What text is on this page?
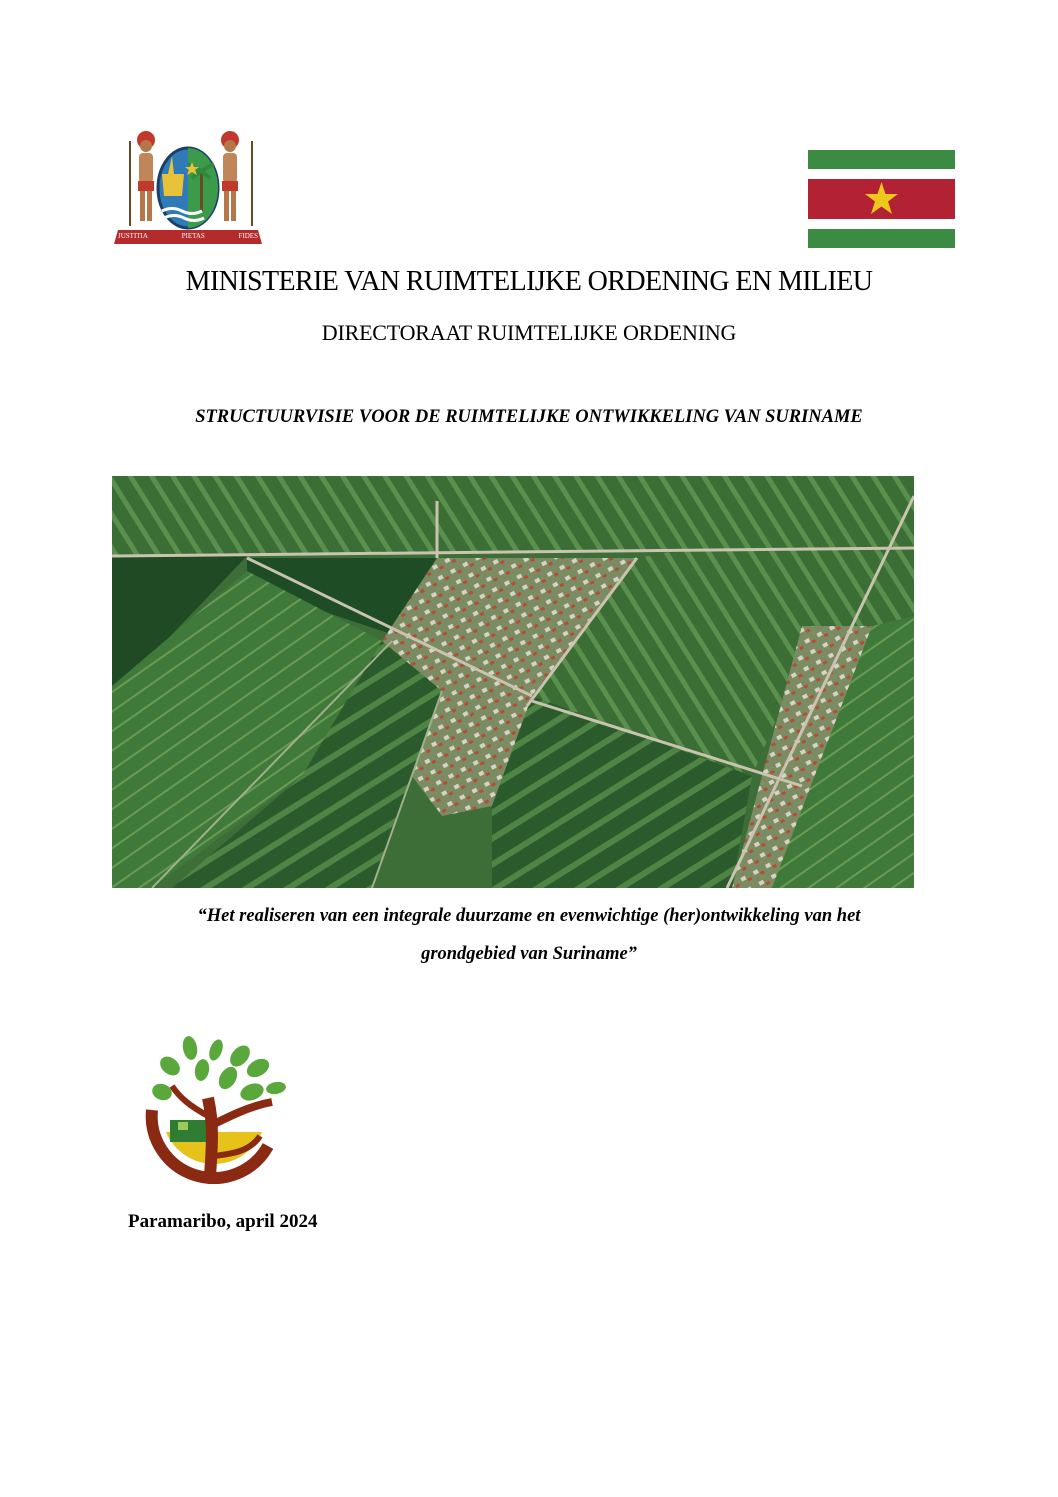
JUSTITIA	PIETAS	FIDES
MINISTERIE VAN RUIMTELIJKE ORDENING EN MILIEU
DIRECTORAAT RUIMTELIJKE ORDENING
STRUCTUURVISIE VOOR DE RUIMTELIJKE ONTWIKKELING VAN SURINAME
“Het realiseren van een integrale duurzame en evenwichtige (her)ontwikkeling van het
grondgebied van Suriname”
Paramaribo, april 2024
